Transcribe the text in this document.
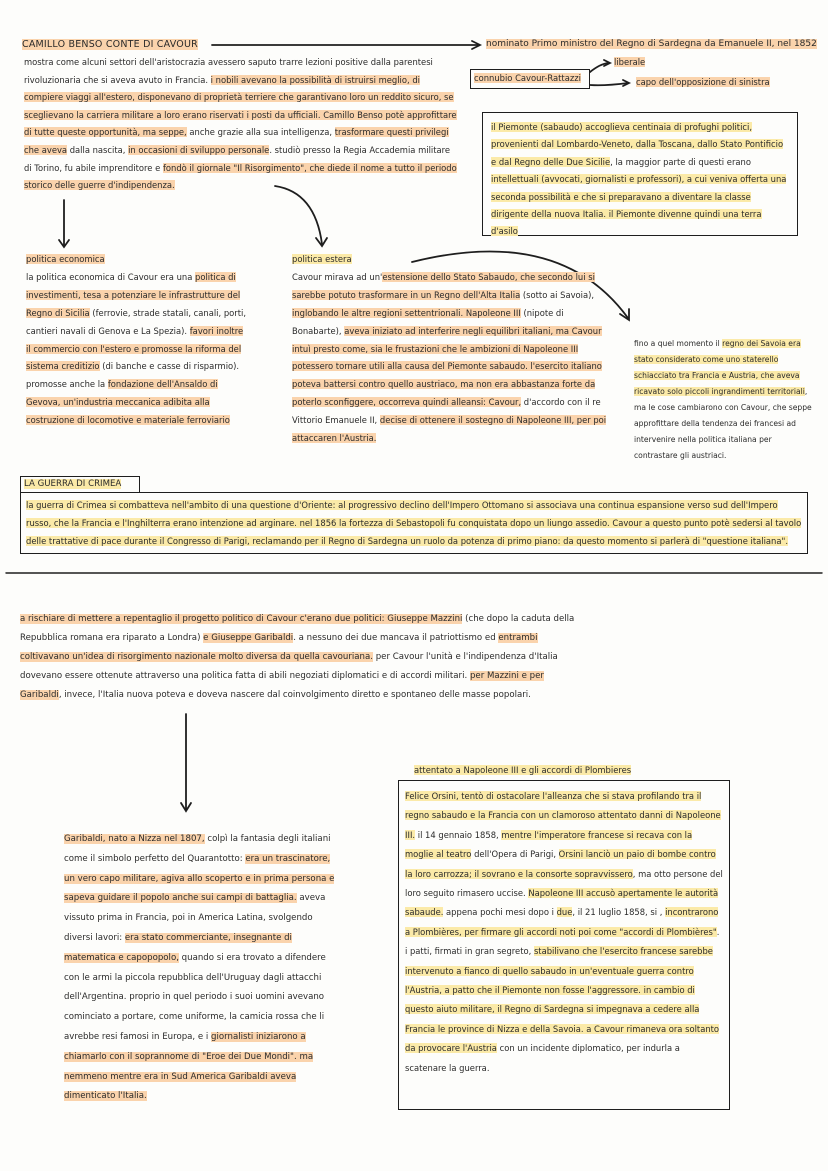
CAMILLO BENSO CONTE DI CAVOUR	nominato Primo ministro del Regno di Sardegna da Emanuele II, nel 1852
connubio Cavour-Rattazzi
liberale
capo dell'opposizione di sinistra
mostra come alcuni settori dell'aristocrazia avessero saputo trarre lezioni positive dalla parentesi rivoluzionaria che si aveva avuto in Francia. i nobili avevano la possibilità di istruirsi meglio, di compiere viaggi all'estero, disponevano di proprietà terriere che garantivano loro un reddito sicuro, se sceglievano la carriera militare a loro erano riservati i posti da ufficiali. Camillo Benso potè approfittare di tutte queste opportunità, ma seppe, anche grazie alla sua intelligenza, trasformare questi privilegi che aveva dalla nascita, in occasioni di sviluppo personale. studiò presso la Regia Accademia militare di Torino, fu abile imprenditore e fondò il giornale "Il Risorgimento", che diede il nome a tutto il periodo storico delle guerre d'indipendenza.
il Piemonte (sabaudo) accoglieva centinaia di profughi politici, provenienti dal Lombardo-Veneto, dalla Toscana, dallo Stato Pontificio e dal Regno delle Due Sicilie, la maggior parte di questi erano intellettuali (avvocati, giornalisti e professori), a cui veniva offerta una seconda possibilità e che si preparavano a diventare la classe dirigente della nuova Italia. il Piemonte divenne quindi una terra d'asilo
politica economica
la politica economica di Cavour era una politica di investimenti, tesa a potenziare le infrastrutture del Regno di Sicilia (ferrovie, strade statali, canali, porti, cantieri navali di Genova e La Spezia). favori inoltre il commercio con l'estero e promosse la riforma del sistema creditizio (di banche e casse di risparmio). promosse anche la fondazione dell'Ansaldo di Gevova, un'industria meccanica adibita alla costruzione di locomotive e materiale ferroviario
politica estera
Cavour mirava ad un'estensione dello Stato Sabaudo, che secondo lui si sarebbe potuto trasformare in un Regno dell'Alta Italia (sotto ai Savoia), inglobando le altre regioni settentrionali. Napoleone III (nipote di Bonabarte), aveva iniziato ad interferire negli equilibri italiani, ma Cavour intuì presto come, sia le frustazioni che le ambizioni di Napoleone III potessero tornare utili alla causa del Piemonte sabaudo. l'esercito italiano poteva battersi contro quello austriaco, ma non era abbastanza forte da poterlo sconfiggere, occorreva quindi alleansi: Cavour, d'accordo con il re Vittorio Emanuele II, decise di ottenere il sostegno di Napoleone III, per poi attaccaren l'Austria.
fino a quel momento il regno dei Savoia era stato considerato come uno staterello schiacciato tra Francia e Austria, che aveva ricavato solo piccoli ingrandimenti territoriali, ma le cose cambiarono con Cavour, che seppe approfittare della tendenza dei francesi ad intervenire nella politica italiana per contrastare gli austriaci.
LA GUERRA DI CRIMEA
la guerra di Crimea si combatteva nell'ambito di una questione d'Oriente: al progressivo declino dell'Impero Ottomano si associava una continua espansione verso sud dell'Impero russo, che la Francia e l'Inghilterra erano intenzione ad arginare. nel 1856 la fortezza di Sebastopoli fu conquistata dopo un liungo assedio. Cavour a questo punto potè sedersi al tavolo delle trattative di pace durante il Congresso di Parigi, reclamando per il Regno di Sardegna un ruolo da potenza di primo piano: da questo momento si parlerà di "questione italiana".
a rischiare di mettere a repentaglio il progetto politico di Cavour c'erano due politici: Giuseppe Mazzini (che dopo la caduta della Repubblica romana era riparato a Londra) e Giuseppe Garibaldi. a nessuno dei due mancava il patriottismo ed entrambi coltivavano un'idea di risorgimento nazionale molto diversa da quella cavouriana. per Cavour l'unità e l'indipendenza d'Italia dovevano essere ottenute attraverso una politica fatta di abili negoziati diplomatici e di accordi militari. per Mazzini e per Garibaldi, invece, l'Italia nuova poteva e doveva nascere dal coinvolgimento diretto e spontaneo delle masse popolari.
Garibaldi, nato a Nizza nel 1807, colpì la fantasia degli italiani come il simbolo perfetto del Quarantotto: era un trascinatore, un vero capo militare, agiva allo scoperto e in prima persona e sapeva guidare il popolo anche sui campi di battaglia. aveva vissuto prima in Francia, poi in America Latina, svolgendo diversi lavori: era stato commerciante, insegnante di matematica e capopopolo, quando si era trovato a difendere con le armi la piccola repubblica dell'Uruguay dagli attacchi dell'Argentina. proprio in quel periodo i suoi uomini avevano cominciato a portare, come uniforme, la camicia rossa che li avrebbe resi famosi in Europa, e i giornalisti iniziarono a chiamarlo con il soprannome di "Eroe dei Due Mondi". ma nemmeno mentre era in Sud America Garibaldi aveva dimenticato l'Italia.
attentato a Napoleone III e gli accordi di Plombieres
Felice Orsini, tentò di ostacolare l'alleanza che si stava profilando tra il regno sabaudo e la Francia con un clamoroso attentato danni di Napoleone III. il 14 gennaio 1858, mentre l'imperatore francese si recava con la moglie al teatro dell'Opera di Parigi, Orsini lanciò un paio di bombe contro la loro carrozza; il sovrano e la consorte sopravvissero, ma otto persone del loro seguito rimasero uccise. Napoleone III accusò apertamente le autorità sabaude. appena pochi mesi dopo i due, il 21 luglio 1858, si , incontrarono a Plombières, per firmare gli accordi noti poi come "accordi di Plombières". i patti, firmati in gran segreto, stabilivano che l'esercito francese sarebbe intervenuto a fianco di quello sabaudo in un'eventuale guerra contro l'Austria, a patto che il Piemonte non fosse l'aggressore. in cambio di questo aiuto militare, il Regno di Sardegna si impegnava a cedere alla Francia le province di Nizza e della Savoia. a Cavour rimaneva ora soltanto da provocare l'Austria con un incidente diplomatico, per indurla a scatenare la guerra.
